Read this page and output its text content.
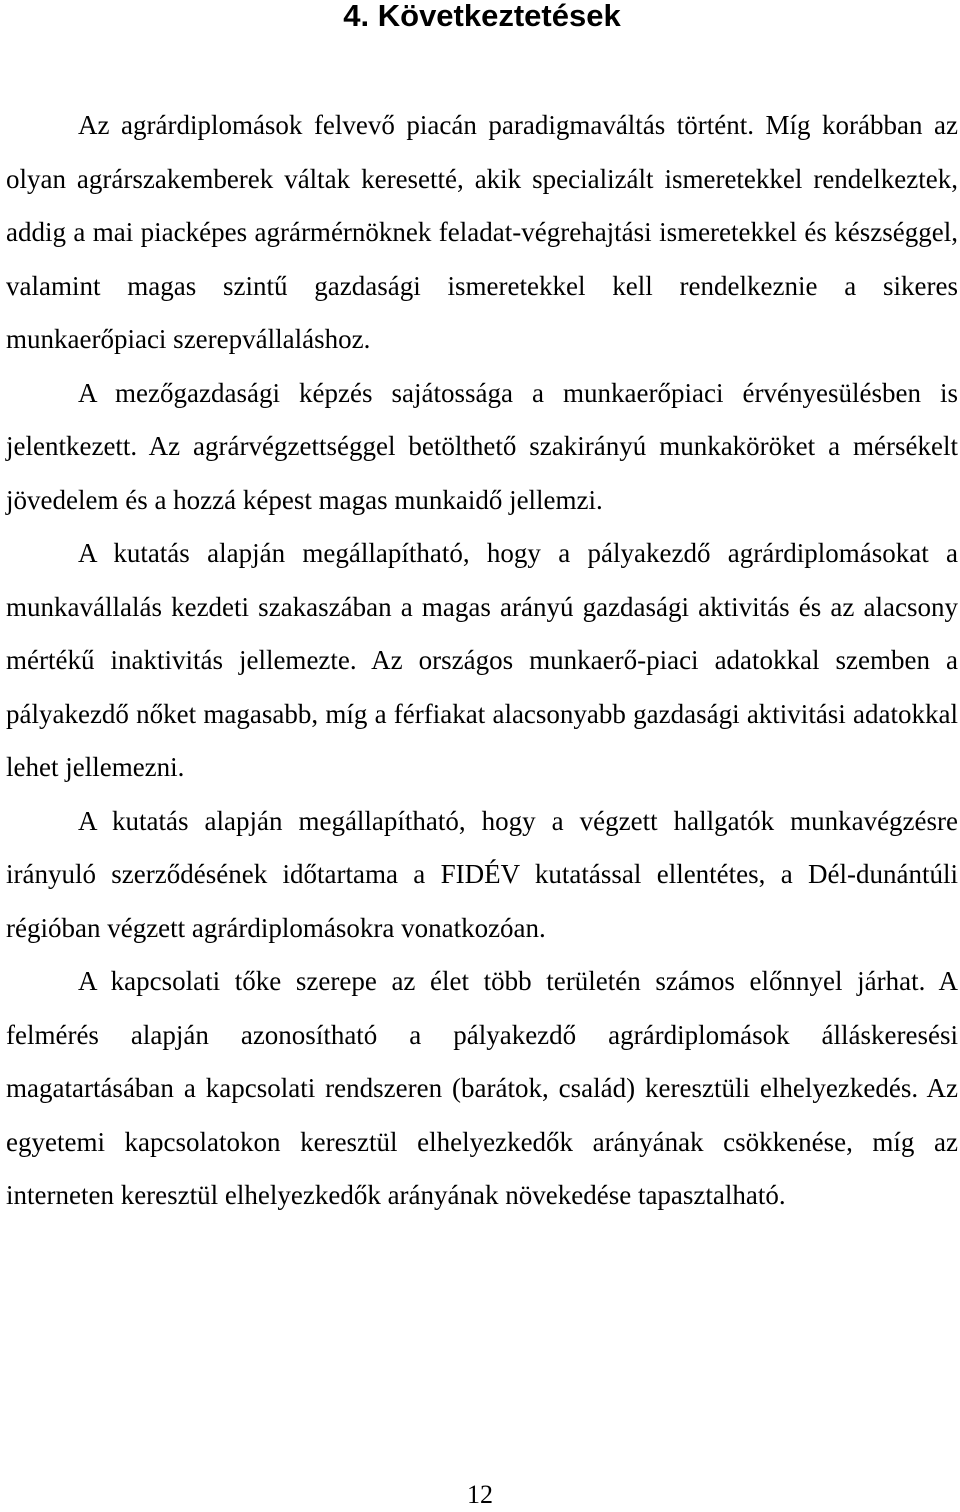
4. Következtetések

Az agrárdiplomások felvevő piacán paradigmaváltás történt. Míg korábban az olyan agrárszakemberek váltak keresetté, akik specializált ismeretekkel rendelkeztek, addig a mai piacképes agrármérnöknek feladat-végrehajtási ismeretekkel és készséggel, valamint magas szintű gazdasági ismeretekkel kell rendelkeznie a sikeres munkaerőpiaci szerepvállaláshoz.

A mezőgazdasági képzés sajátossága a munkaerőpiaci érvényesülésben is jelentkezett. Az agrárvégzettséggel betölthető szakirányú munkaköröket a mérsékelt jövedelem és a hozzá képest magas munkaidő jellemzi.

A kutatás alapján megállapítható, hogy a pályakezdő agrárdiplomásokat a munkavállalás kezdeti szakaszában a magas arányú gazdasági aktivitás és az alacsony mértékű inaktivitás jellemezte. Az országos munkaerő-piaci adatokkal szemben a pályakezdő nőket magasabb, míg a férfiakat alacsonyabb gazdasági aktivitási adatokkal lehet jellemezni.

A kutatás alapján megállapítható, hogy a végzett hallgatók munkavégzésre irányuló szerződésének időtartama a FIDÉV kutatással ellentétes, a Dél-dunántúli régióban végzett agrárdiplomásokra vonatkozóan.

A kapcsolati tőke szerepe az élet több területén számos előnnyel járhat. A felmérés alapján azonosítható a pályakezdő agrárdiplomások álláskeresési magatartásában a kapcsolati rendszeren (barátok, család) keresztüli elhelyezkedés. Az egyetemi kapcsolatokon keresztül elhelyezkedők arányának csökkenése, míg az interneten keresztül elhelyezkedők arányának növekedése tapasztalható.

12
